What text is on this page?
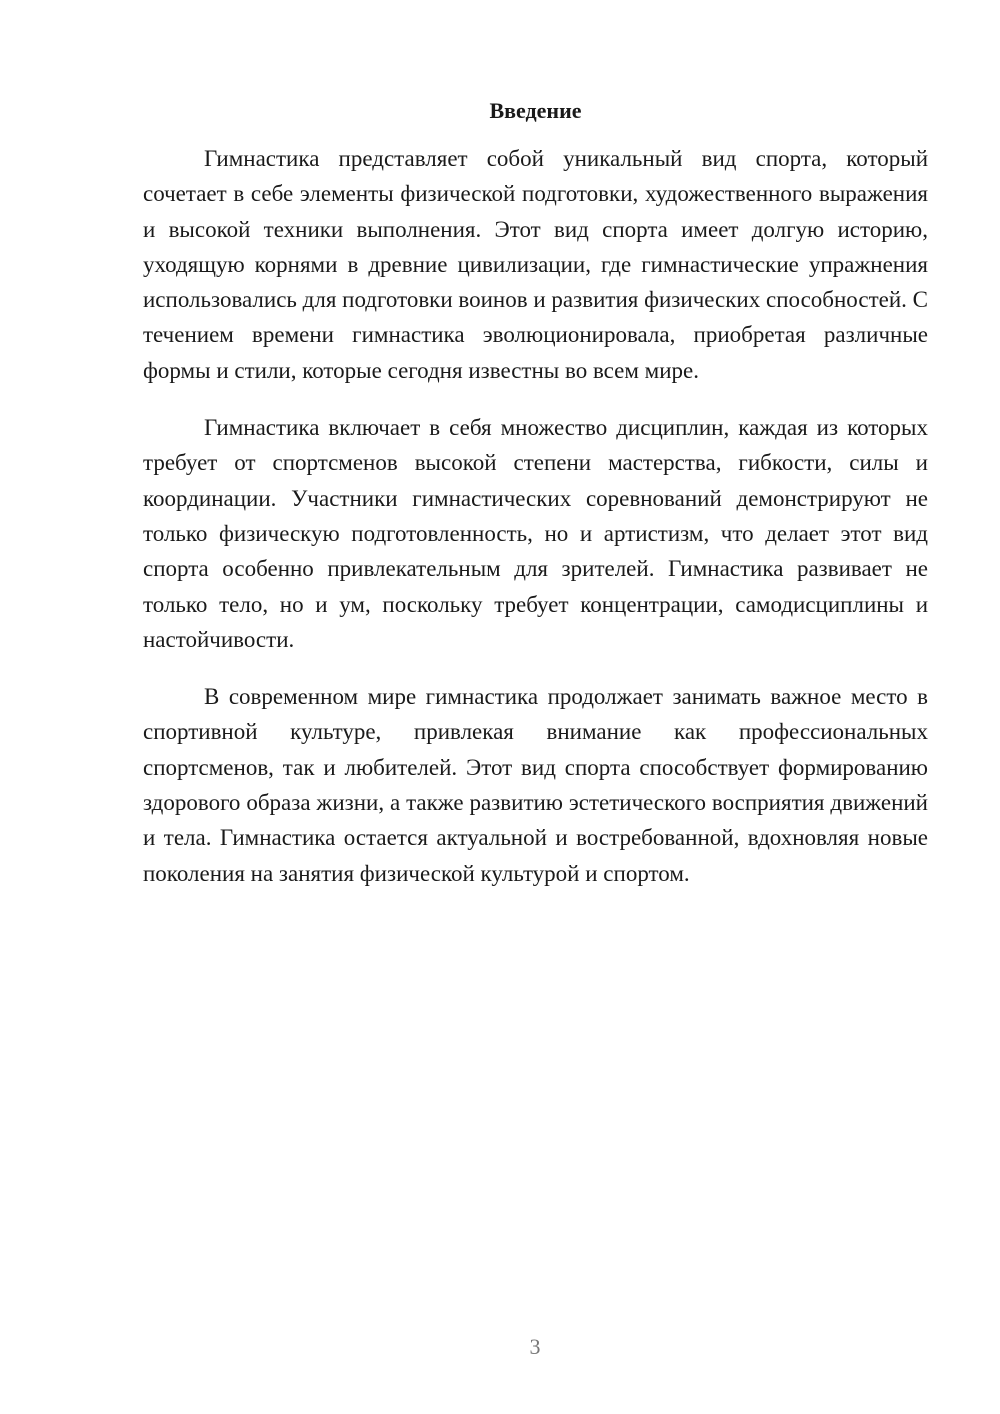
Введение

Гимнастика представляет собой уникальный вид спорта, который сочетает в себе элементы физической подготовки, художественного выражения и высокой техники выполнения. Этот вид спорта имеет долгую историю, уходящую корнями в древние цивилизации, где гимнастические упражнения использовались для подготовки воинов и развития физических способностей. С течением времени гимнастика эволюционировала, приобретая различные формы и стили, которые сегодня известны во всем мире.

Гимнастика включает в себя множество дисциплин, каждая из которых требует от спортсменов высокой степени мастерства, гибкости, силы и координации. Участники гимнастических соревнований демонстрируют не только физическую подготовленность, но и артистизм, что делает этот вид спорта особенно привлекательным для зрителей. Гимнастика развивает не только тело, но и ум, поскольку требует концентрации, самодисциплины и настойчивости.

В современном мире гимнастика продолжает занимать важное место в спортивной культуре, привлекая внимание как профессиональных спортсменов, так и любителей. Этот вид спорта способствует формированию здорового образа жизни, а также развитию эстетического восприятия движений и тела. Гимнастика остается актуальной и востребованной, вдохновляя новые поколения на занятия физической культурой и спортом.

3
